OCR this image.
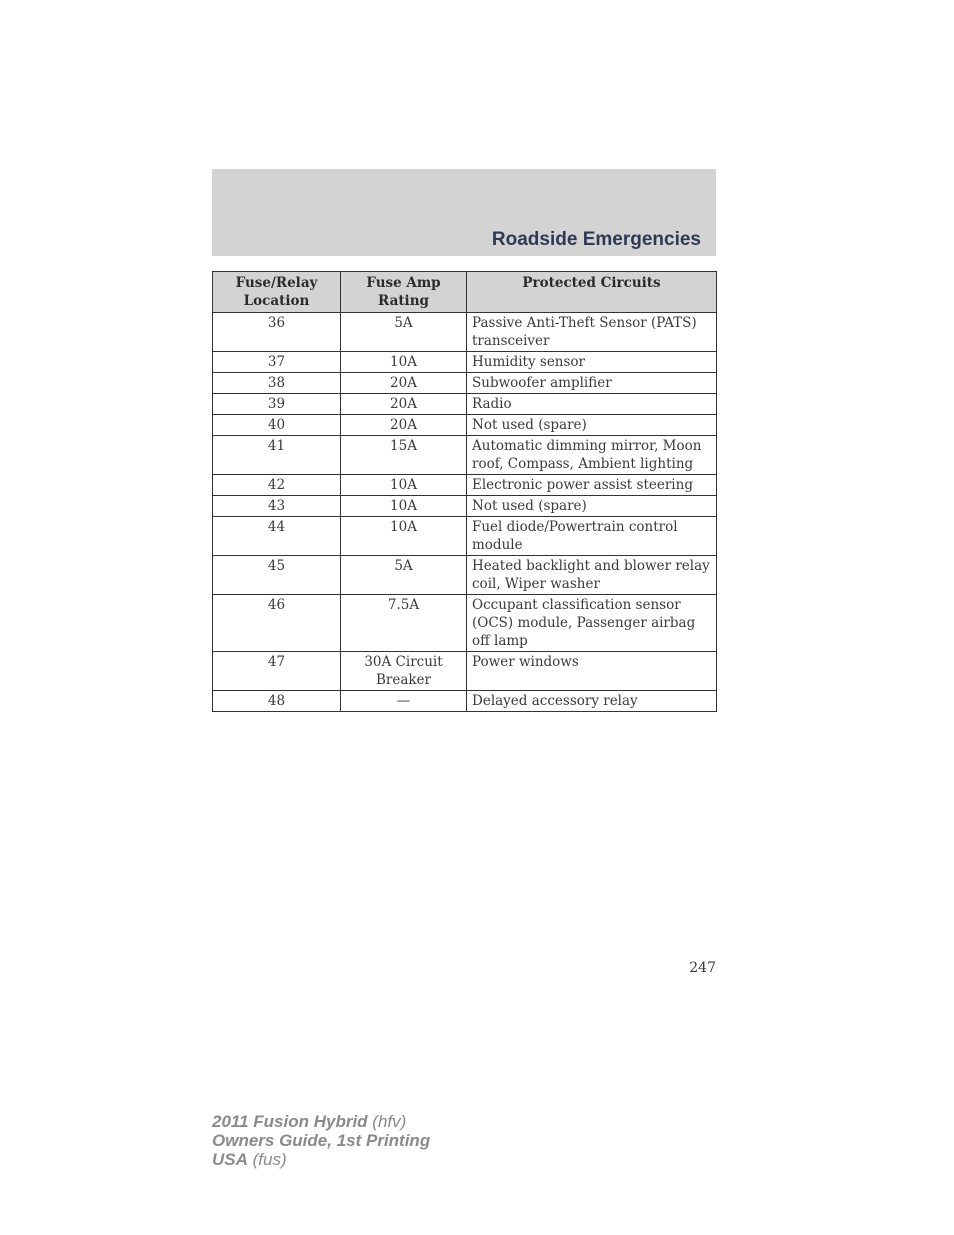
Roadside Emergencies
Fuse/Relay Location	Fuse Amp Rating	Protected Circuits
36	5A	Passive Anti-Theft Sensor (PATS) transceiver
37	10A	Humidity sensor
38	20A	Subwoofer amplifier
39	20A	Radio
40	20A	Not used (spare)
41	15A	Automatic dimming mirror, Moon roof, Compass, Ambient lighting
42	10A	Electronic power assist steering
43	10A	Not used (spare)
44	10A	Fuel diode/Powertrain control module
45	5A	Heated backlight and blower relay coil, Wiper washer
46	7.5A	Occupant classification sensor (OCS) module, Passenger airbag off lamp
47	30A Circuit Breaker	Power windows
48	—	Delayed accessory relay
247
2011 Fusion Hybrid (hfv)
Owners Guide, 1st Printing
USA (fus)
